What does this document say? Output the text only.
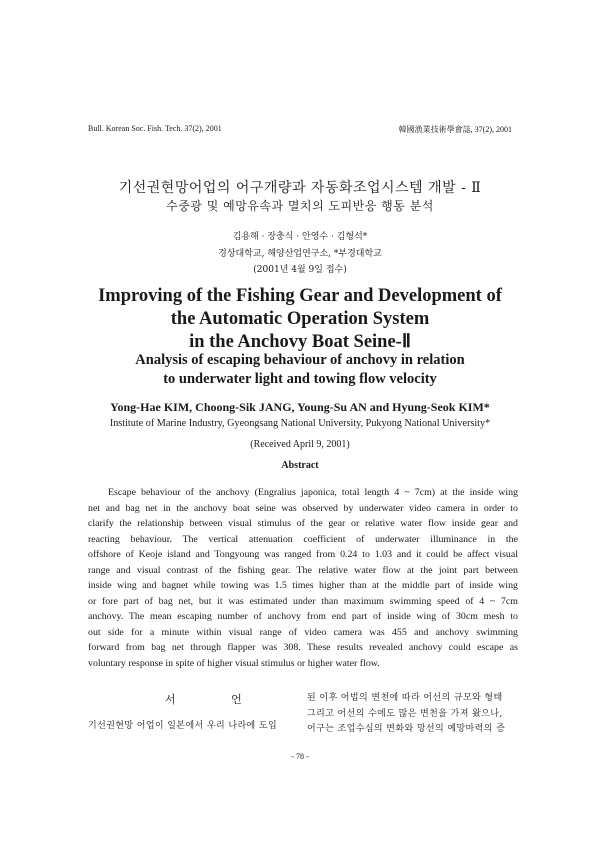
Bull. Korean Soc. Fish. Tech. 37(2), 2001	韓國漁業技術學會誌, 37(2), 2001
기선권현망어업의 어구개량과 자동화조업시스템 개발 - Ⅱ
수중광 및 예망유속과 멸치의 도피반응 행동 분석
김용해 · 장충식 · 안영수 · 김형석*
경상대학교, 해양산업연구소, *부경대학교
(2001년 4월 9일 접수)
Improving of the Fishing Gear and Development of
the Automatic Operation System
in the Anchovy Boat Seine-Ⅱ
Analysis of escaping behaviour of anchovy in relation
to underwater light and towing flow velocity
Yong-Hae KIM, Choong-Sik JANG, Young-Su AN and Hyung-Seok KIM*
Institute of Marine Industry, Gyeongsang National University, Pukyong National University*
(Received April 9, 2001)
Abstract
Escape behaviour of the anchovy (Engralius japonica, total length 4 ~ 7cm) at the inside wing
net and bag net in the anchovy boat seine was observed by underwater video camera in order to
clarify the relationship between visual stimulus of the gear or relative water flow inside gear and
reacting behaviour. The vertical attenuation coefficient of underwater illuminance in the
offshore of Keoje island and Tongyoung was ranged from 0.24 to 1.03 and it could be affect visual
range and visual contrast of the fishing gear. The relative water flow at the joint part between
inside wing and bagnet while towing was 1.5 times higher than at the middle part of inside wing
or fore part of bag net, but it was estimated under than maximum swimming speed of 4 ~ 7cm
anchovy. The mean escaping number of anchovy from end part of inside wing of 30cm mesh to
out side for a minute within visual range of video camera was 455 and anchovy swimming
forward from bag net through flapper was 308. These results revealed anchovy could escape as
voluntary response in spite of higher visual stimulus or higher water flow.
서 언
기선권현망 어업이 일본에서 우리 나라에 도입
된 이후 어법의 변천에 따라 어선의 규모와 형태
그리고 어선의 수에도 많은 변천을 가져 왔으나,
어구는 조업수심의 변화와 망선의 예망마력의 증
- 78 -
